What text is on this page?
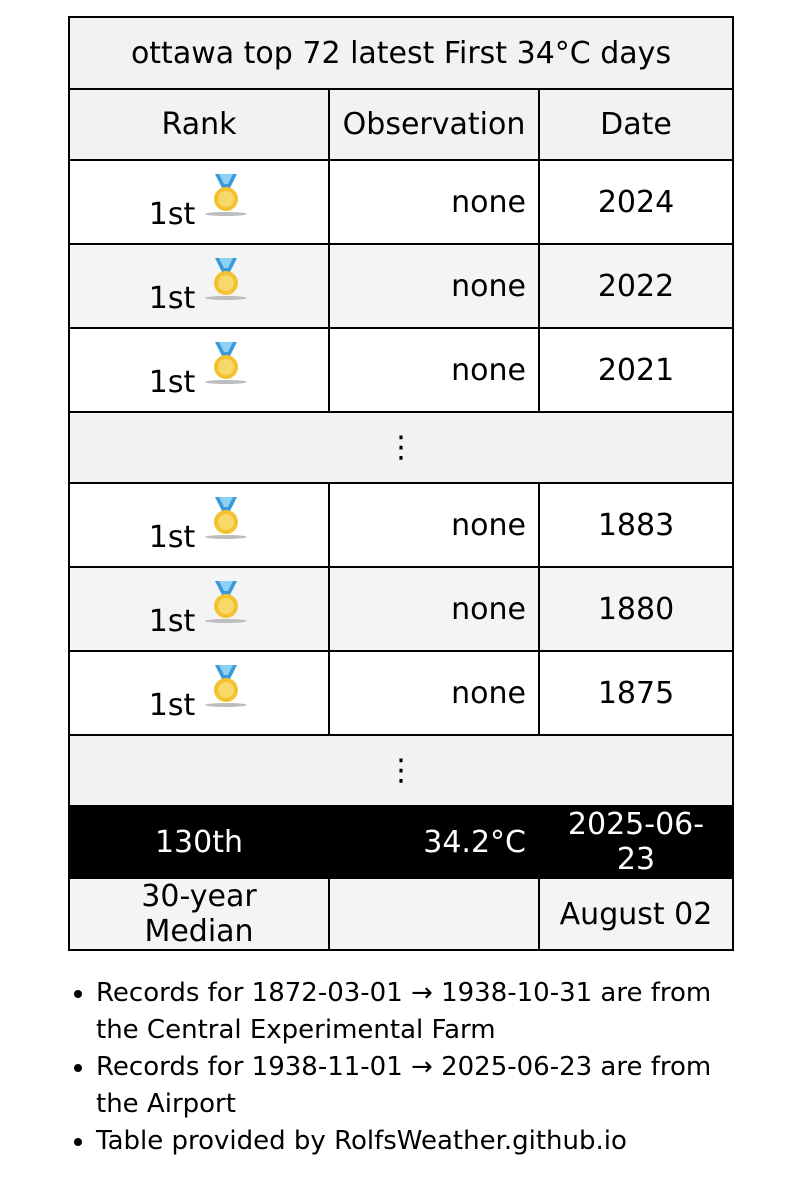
ottawa top 72 latest First 34°C days		
Rank	Observation	Date
1st	none	2024
1st	none	2022
1st	none	2021
⋮		
1st	none	1883
1st	none	1880
1st	none	1875
⋮		
130th	34.2°C	2025-06-23
30-year Median		August 02
• Records for 1872-03-01 → 1938-10-31 are from the Central Experimental Farm
• Records for 1938-11-01 → 2025-06-23 are from the Airport
• Table provided by RolfsWeather.github.io
